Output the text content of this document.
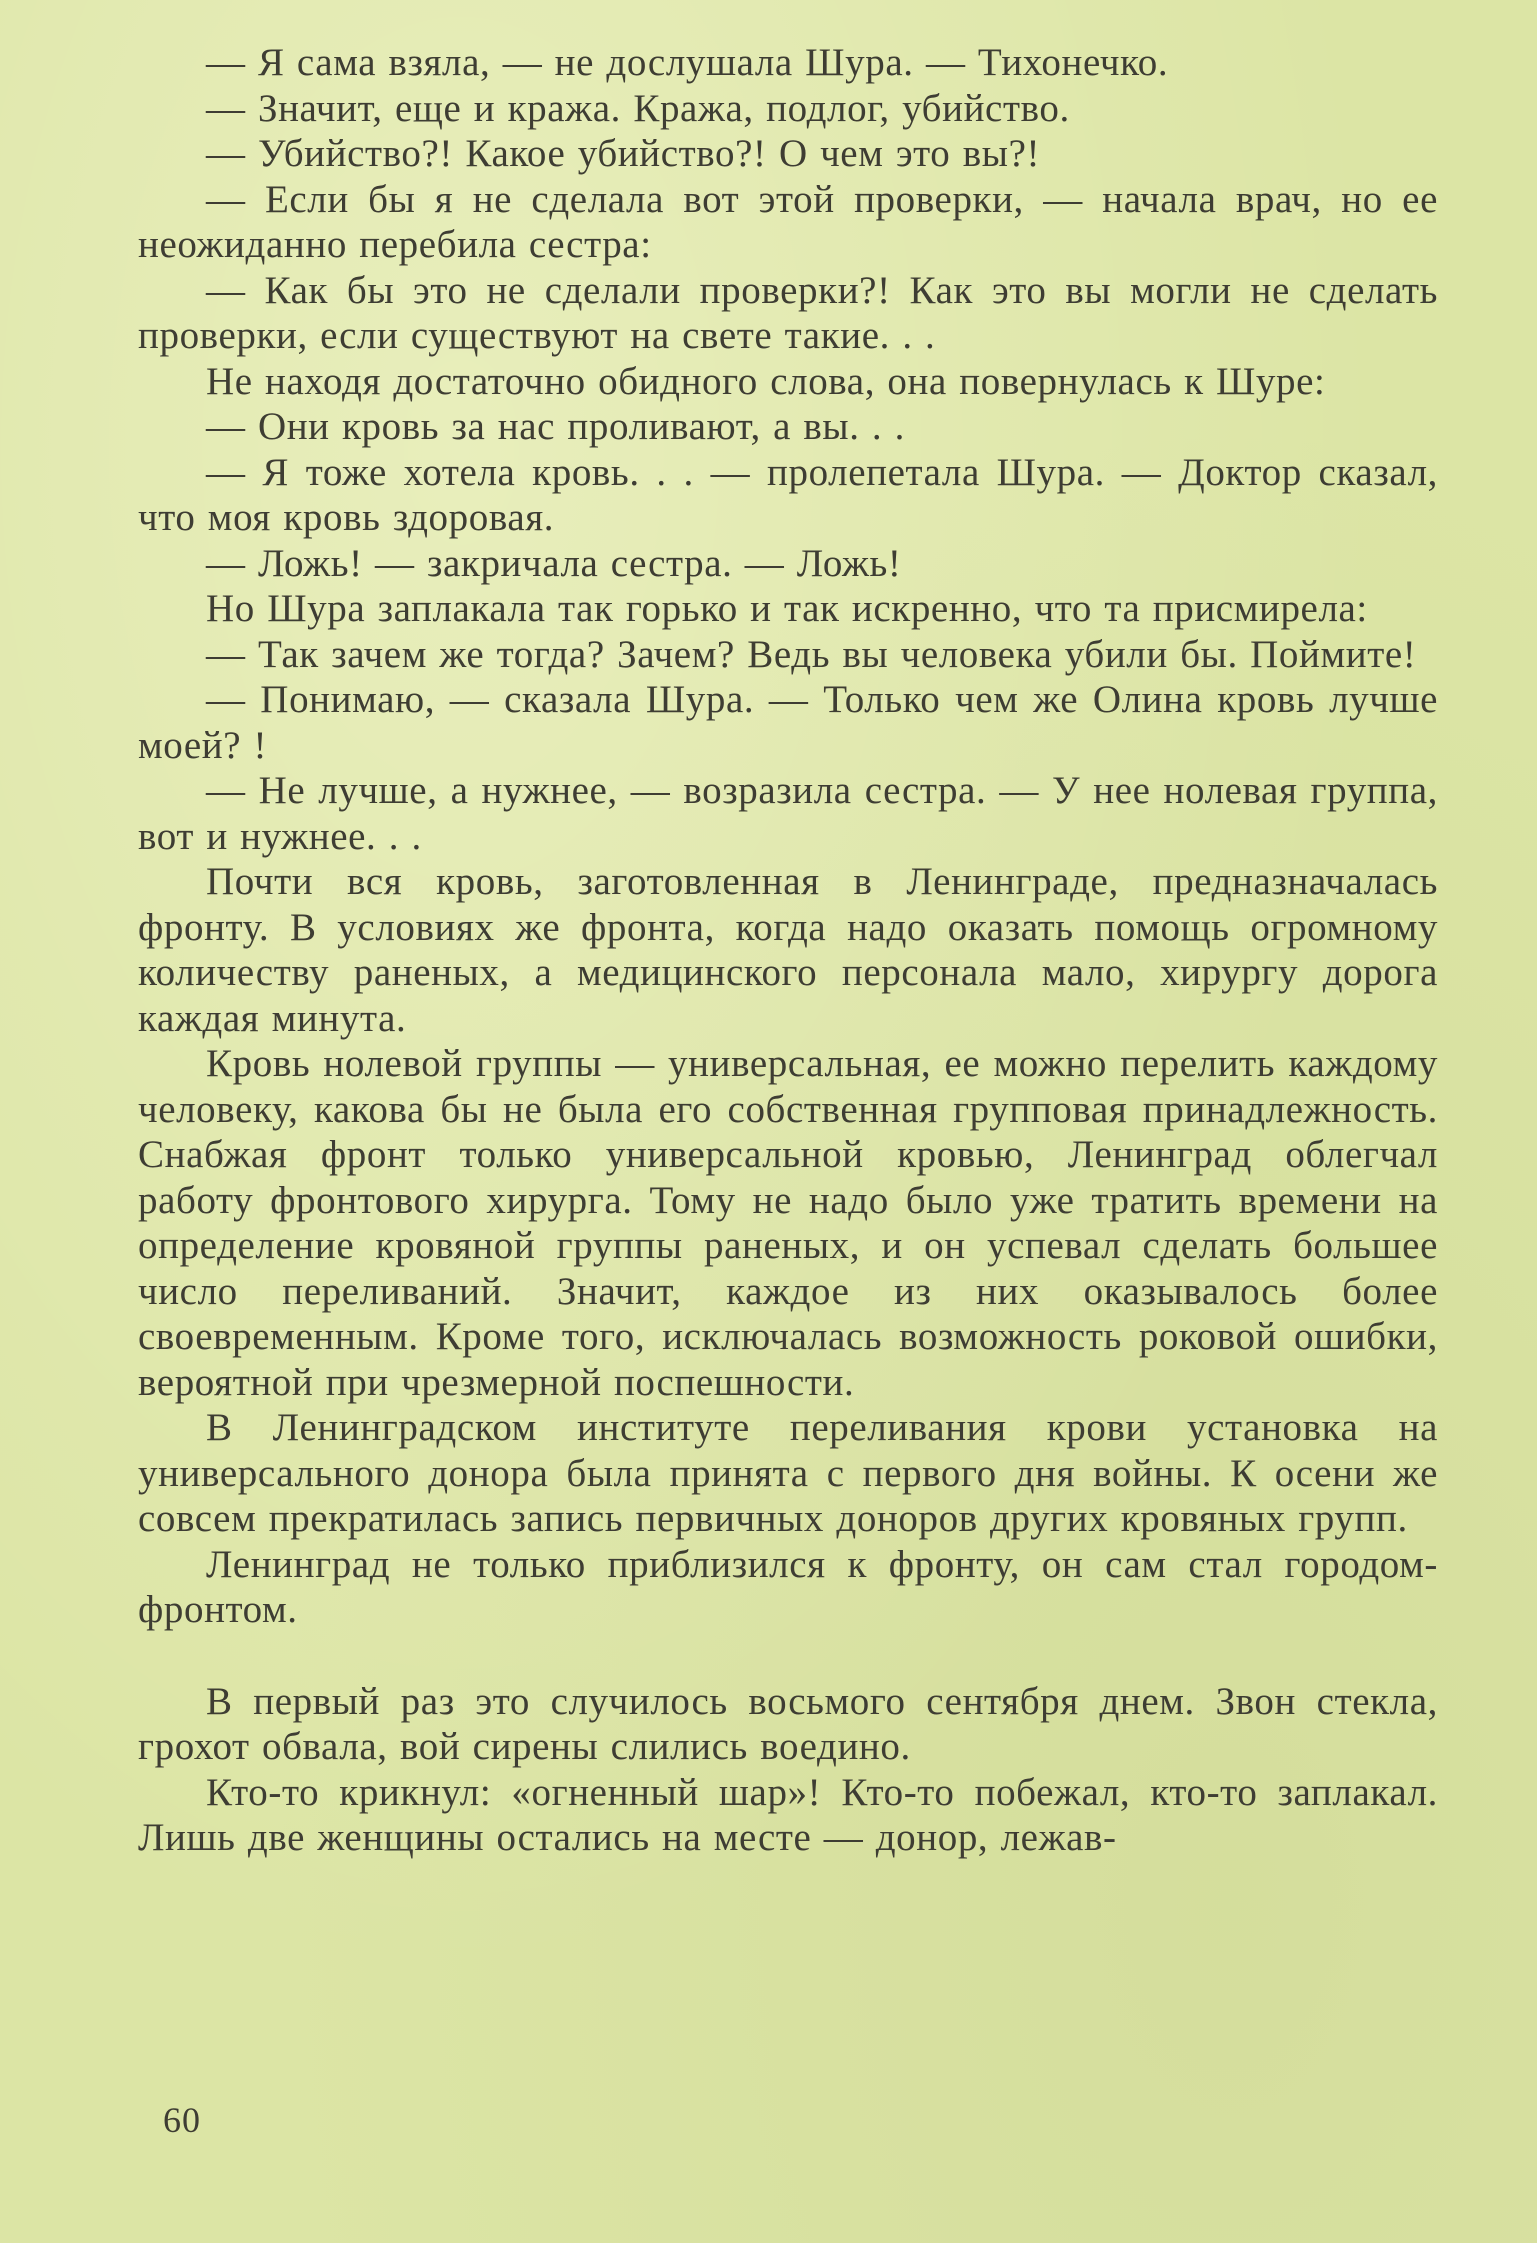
— Я сама взяла, — не дослушала Шура. — Тихонечко.

— Значит, еще и кража. Кража, подлог, убийство.

— Убийство?! Какое убийство?! О чем это вы?!

— Если бы я не сделала вот этой проверки, — начала врач, но ее неожиданно перебила сестра:

— Как бы это не сделали проверки?! Как это вы могли не сделать проверки, если существуют на свете такие. . .

Не находя достаточно обидного слова, она повернулась к Шуре:

— Они кровь за нас проливают, а вы. . .

— Я тоже хотела кровь. . . — пролепетала Шура. — Доктор сказал, что моя кровь здоровая.

— Ложь! — закричала сестра. — Ложь!

Но Шура заплакала так горько и так искренно, что та присмирела:

— Так зачем же тогда? Зачем? Ведь вы человека убили бы. Поймите!

— Понимаю, — сказала Шура. — Только чем же Олина кровь лучше моей? !

— Не лучше, а нужнее, — возразила сестра. — У нее нолевая группа, вот и нужнее. . .

Почти вся кровь, заготовленная в Ленинграде, предназначалась фронту. В условиях же фронта, когда надо оказать помощь огромному количеству раненых, а медицинского персонала мало, хирургу дорога каждая минута.

Кровь нолевой группы — универсальная, ее можно перелить каждому человеку, какова бы не была его собственная групповая принадлежность. Снабжая фронт только универсальной кровью, Ленинград облегчал работу фронтового хирурга. Тому не надо было уже тратить времени на определение кровяной группы раненых, и он успевал сделать большее число переливаний. Значит, каждое из них оказывалось более своевременным. Кроме того, исключалась возможность роковой ошибки, вероятной при чрезмерной поспешности.

В Ленинградском институте переливания крови установка на универсального донора была принята с первого дня войны. К осени же совсем прекратилась запись первичных доноров других кровяных групп.

Ленинград не только приблизился к фронту, он сам стал городом-фронтом.

В первый раз это случилось восьмого сентября днем. Звон стекла, грохот обвала, вой сирены слились воедино.

Кто-то крикнул: «огненный шар»! Кто-то побежал, кто-то заплакал. Лишь две женщины остались на месте — донор, лежав-

60
